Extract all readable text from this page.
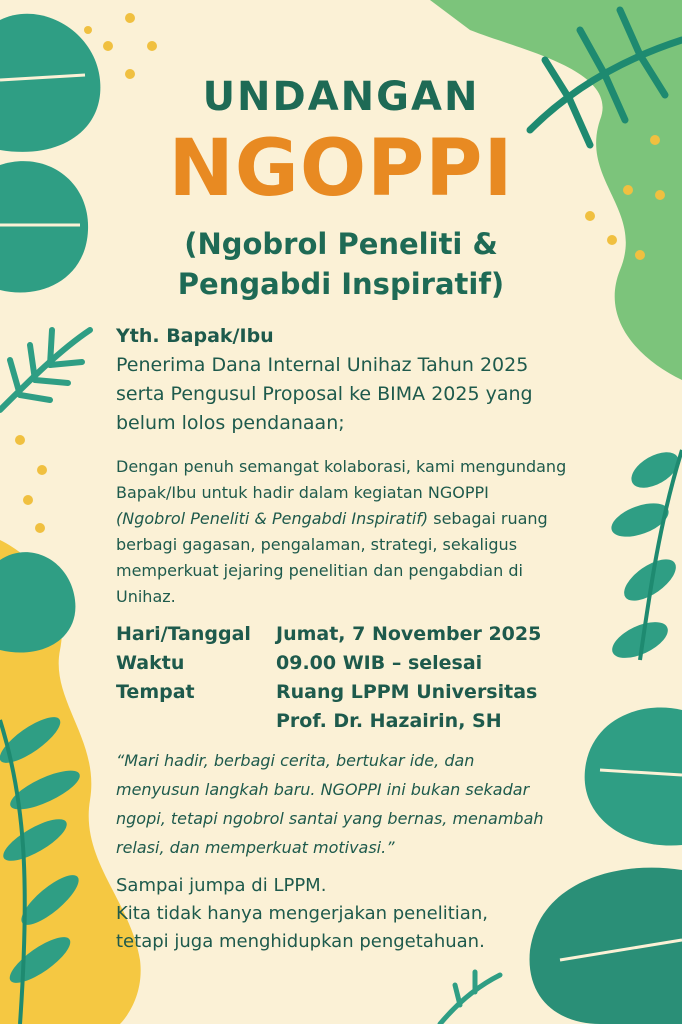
UNDANGAN
NGOPPI
(Ngobrol Peneliti &
Pengabdi Inspiratif)
Yth. Bapak/Ibu
Penerima Dana Internal Unihaz Tahun 2025
serta Pengusul Proposal ke BIMA 2025 yang
belum lolos pendanaan;
Dengan penuh semangat kolaborasi, kami mengundang
Bapak/Ibu untuk hadir dalam kegiatan NGOPPI
(Ngobrol Peneliti & Pengabdi Inspiratif) sebagai ruang
berbagi gagasan, pengalaman, strategi, sekaligus
memperkuat jejaring penelitian dan pengabdian di
Unihaz.
Hari/Tanggal	Jumat, 7 November 2025
Waktu	09.00 WIB – selesai
Tempat	Ruang LPPM Universitas
Prof. Dr. Hazairin, SH
“Mari hadir, berbagi cerita, bertukar ide, dan
menyusun langkah baru. NGOPPI ini bukan sekadar
ngopi, tetapi ngobrol santai yang bernas, menambah
relasi, dan memperkuat motivasi.”
Sampai jumpa di LPPM.
Kita tidak hanya mengerjakan penelitian,
tetapi juga menghidupkan pengetahuan.
